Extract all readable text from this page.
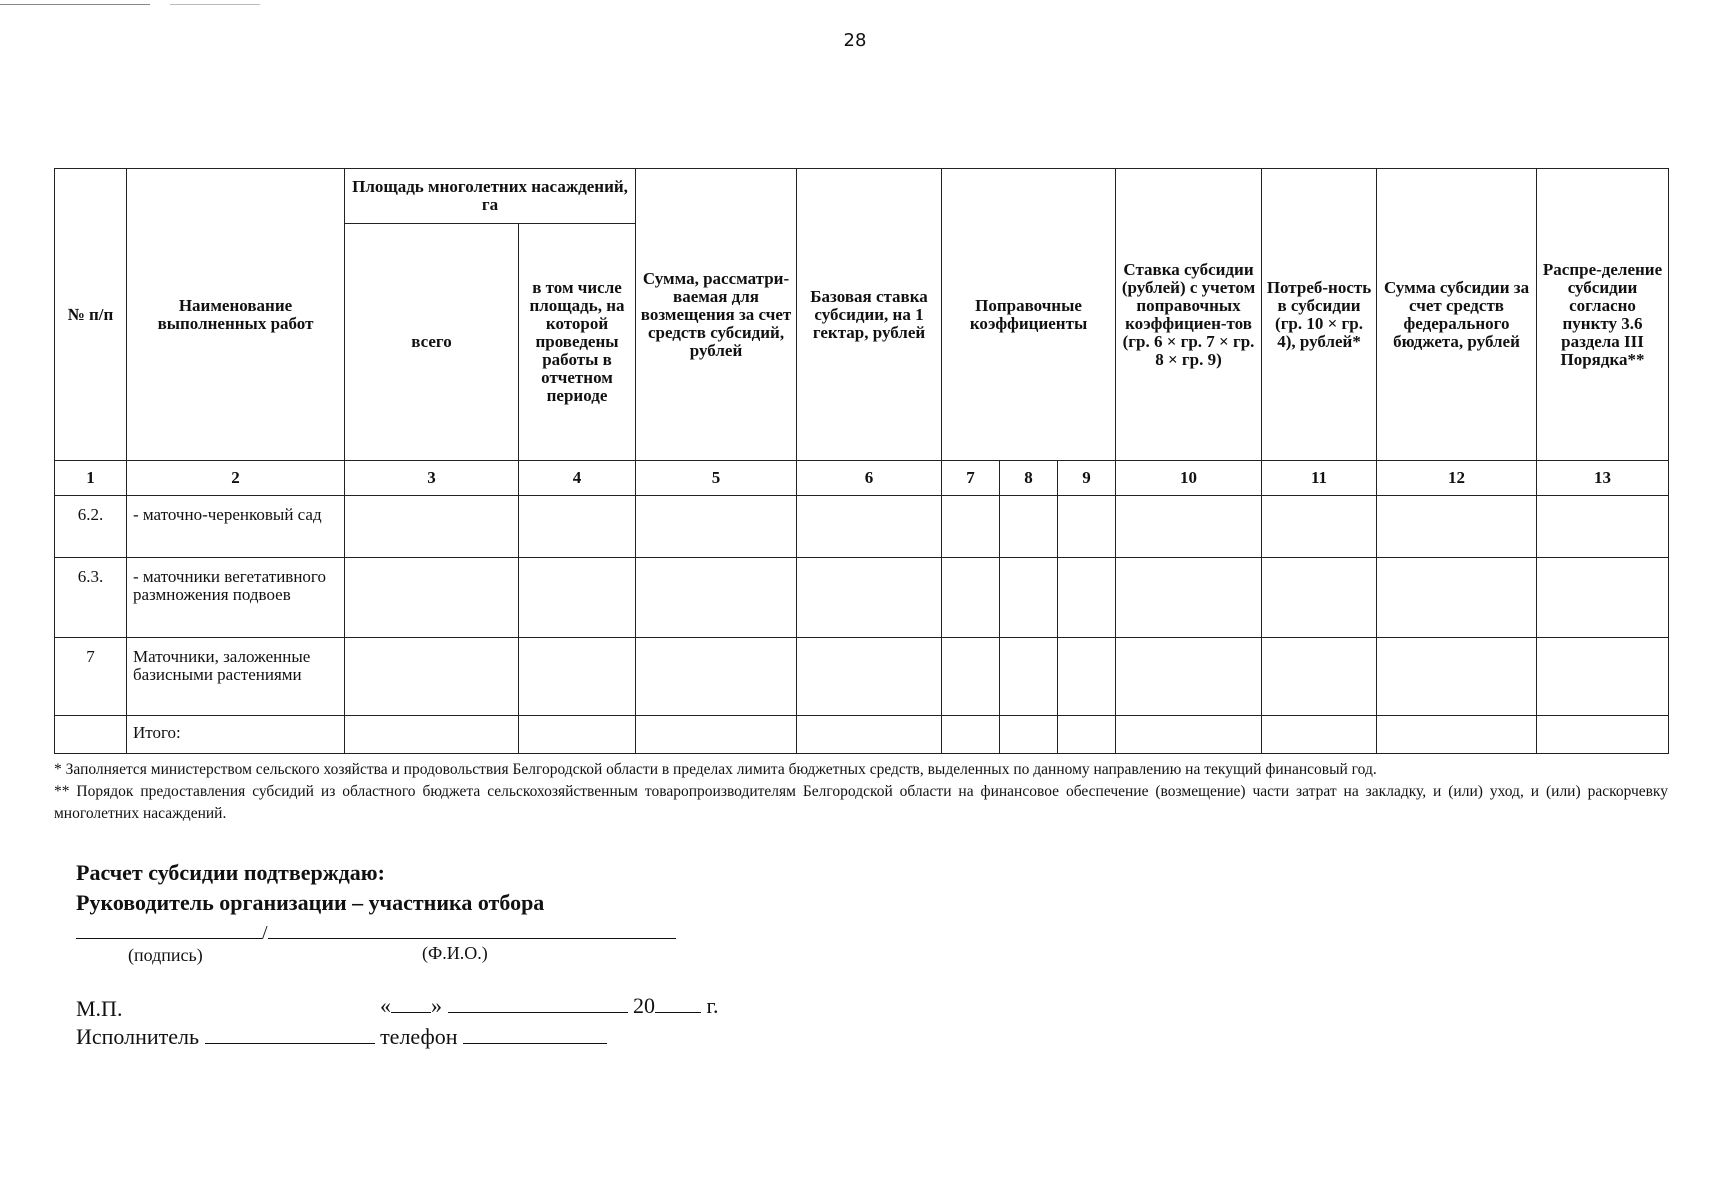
28
№ п/п	Наименование выполненных работ	Площадь многолетних насаждений, га		Сумма, рассматри-ваемая для возмещения за счет средств субсидий, рублей	Базовая ставка субсидии, на 1 гектар, рублей	Поправочные коэффициенты			Ставка субсидии (рублей) с учетом поправочных коэффициен-тов (гр. 6 × гр. 7 × гр. 8 × гр. 9)	Потреб-ность в субсидии (гр. 10 × гр. 4), рублей*	Сумма субсидии за счет средств федерального бюджета, рублей	Распре-деление субсидии согласно пункту 3.6 раздела III Порядка**
		всего	в том числе площадь, на которой проведены работы в отчетном периоде									
1	2	3	4	5	6	7	8	9	10	11	12	13
6.2.	- маточно-черенковый сад											
6.3.	- маточники вегетативного размножения подвоев											
7	Маточники, заложенные базисными растениями											
	Итого:											

* Заполняется министерством сельского хозяйства и продовольствия Белгородской области в пределах лимита бюджетных средств, выделенных по данному направлению на текущий финансовый год.

** Порядок предоставления субсидий из областного бюджета сельскохозяйственным товаропроизводителям Белгородской области на финансовое обеспечение (возмещение) части затрат на закладку, и (или) уход, и (или) раскорчевку многолетних насаждений.

Расчет субсидии подтверждаю:
Руководитель организации – участника отбора
/
(подпись)	(Ф.И.О.)
М.П.	« »	20 г.
Исполнитель	телефон
